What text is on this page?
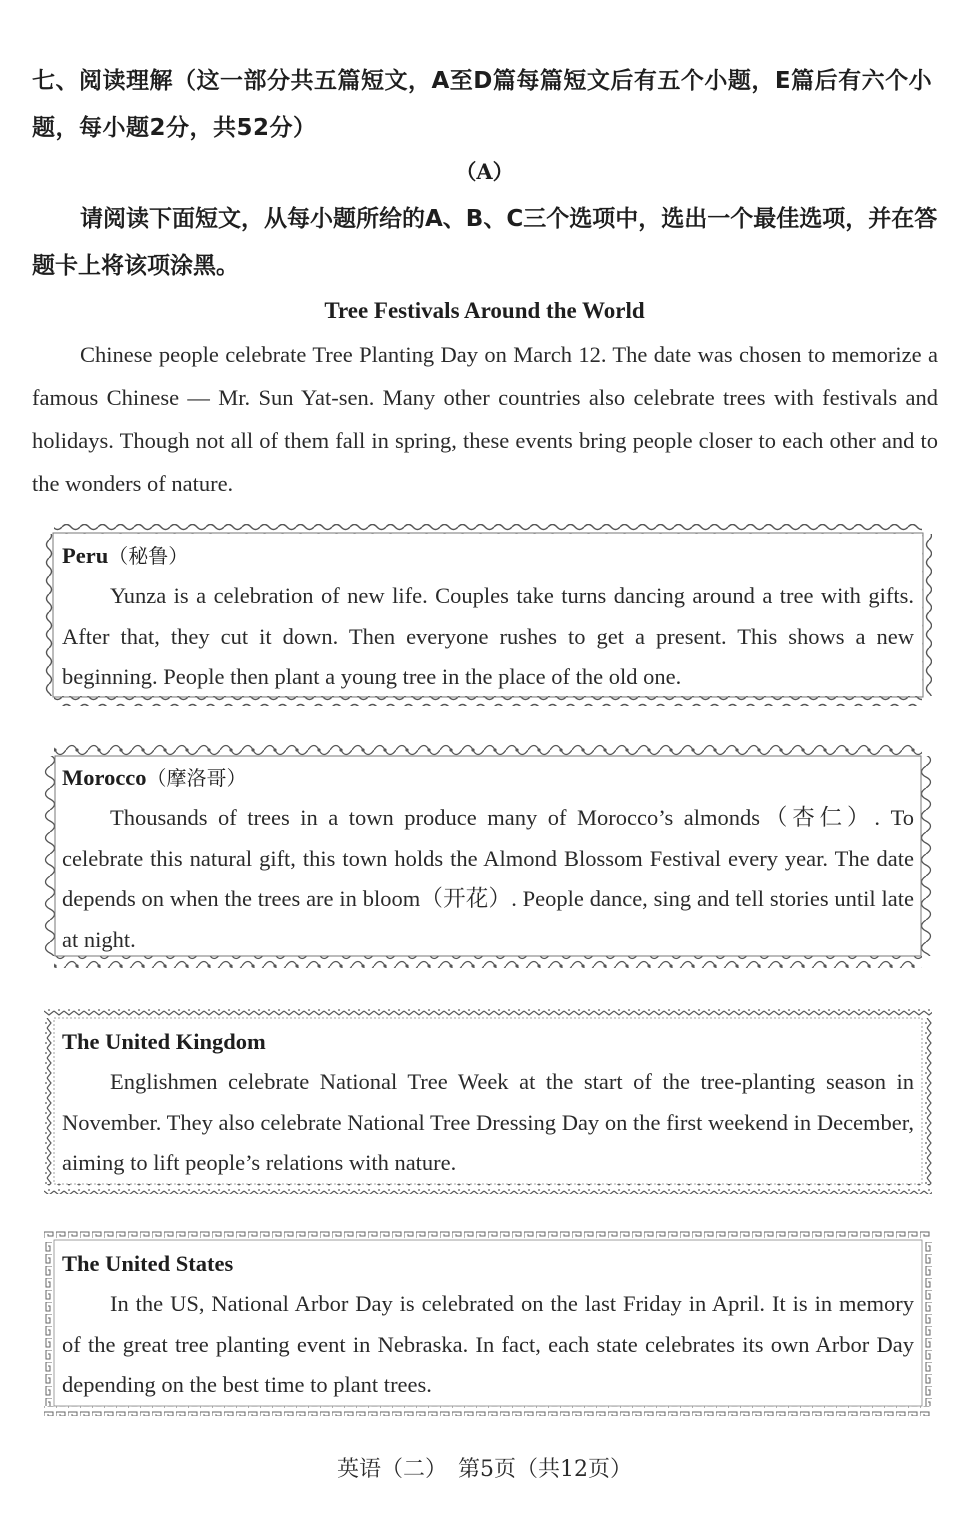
七、阅读理解（这一部分共五篇短文，A至D篇每篇短文后有五个小题，E篇后有六个小题，每小题2分，共52分）
（A）
请阅读下面短文，从每小题所给的A、B、C三个选项中，选出一个最佳选项，并在答题卡上将该项涂黑。
Tree Festivals Around the World
Chinese people celebrate Tree Planting Day on March 12. The date was chosen to memorize a famous Chinese — Mr. Sun Yat-sen. Many other countries also celebrate trees with festivals and holidays. Though not all of them fall in spring, these events bring people closer to each other and to the wonders of nature.
Peru（秘鲁）
Yunza is a celebration of new life. Couples take turns dancing around a tree with gifts. After that, they cut it down. Then everyone rushes to get a present. This shows a new beginning. People then plant a young tree in the place of the old one.
Morocco（摩洛哥）
Thousands of trees in a town produce many of Morocco’s almonds（杏仁）. To celebrate this natural gift, this town holds the Almond Blossom Festival every year. The date depends on when the trees are in bloom（开花）. People dance, sing and tell stories until late at night.
The United Kingdom
Englishmen celebrate National Tree Week at the start of the tree-planting season in November. They also celebrate National Tree Dressing Day on the first weekend in December, aiming to lift people’s relations with nature.
The United States
In the US, National Arbor Day is celebrated on the last Friday in April. It is in memory of the great tree planting event in Nebraska. In fact, each state celebrates its own Arbor Day depending on the best time to plant trees.
英语（二）　第5页（共12页）
